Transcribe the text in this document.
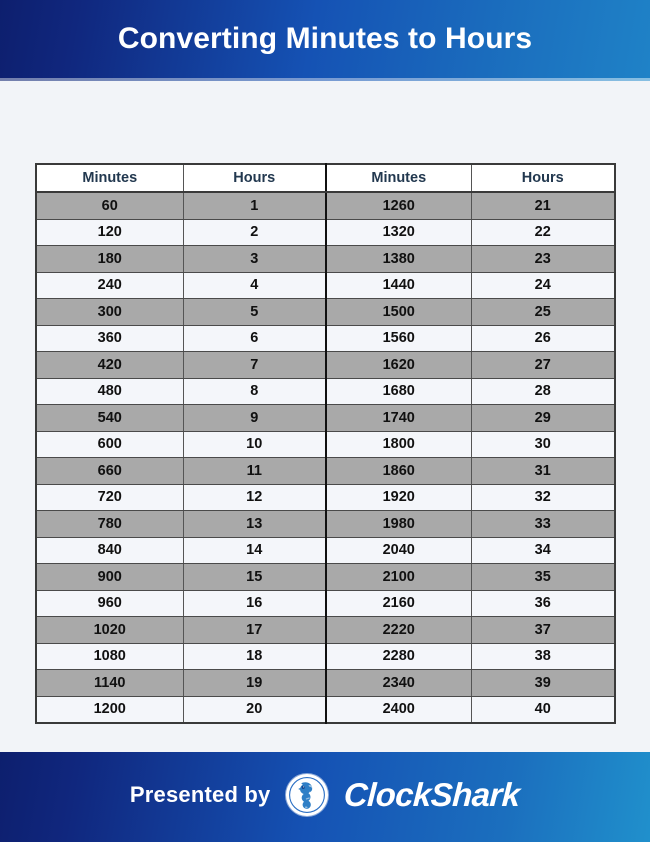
Converting Minutes to Hours
Minutes	Hours	Minutes	Hours
60	1	1260	21
120	2	1320	22
180	3	1380	23
240	4	1440	24
300	5	1500	25
360	6	1560	26
420	7	1620	27
480	8	1680	28
540	9	1740	29
600	10	1800	30
660	11	1860	31
720	12	1920	32
780	13	1980	33
840	14	2040	34
900	15	2100	35
960	16	2160	36
1020	17	2220	37
1080	18	2280	38
1140	19	2340	39
1200	20	2400	40
Presented by ClockShark
